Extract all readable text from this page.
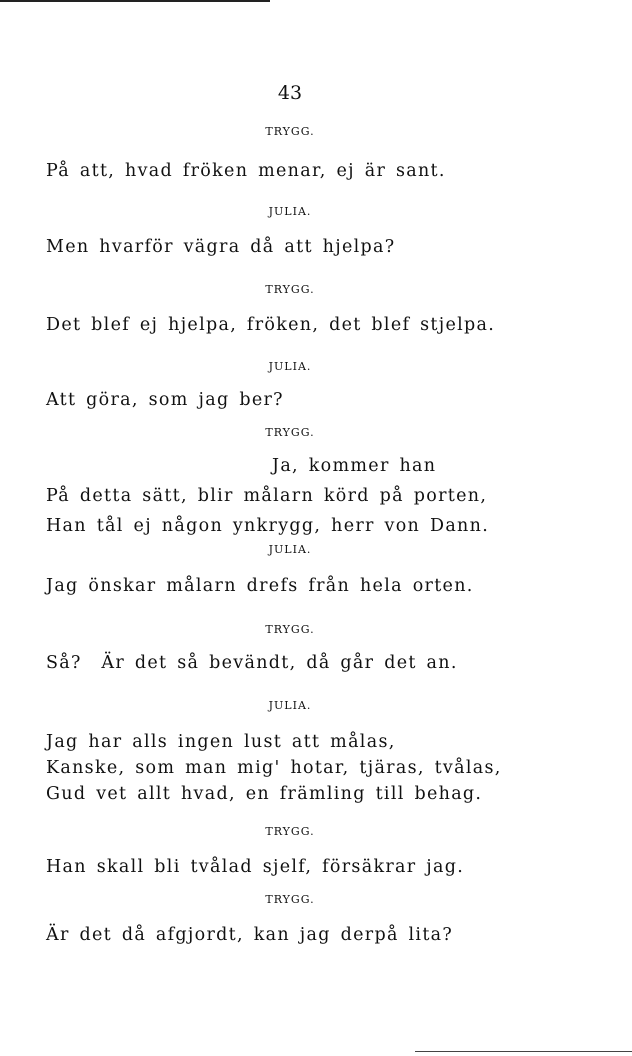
43
TRYGG.
På att, hvad fröken menar, ej är sant.
JULIA.
Men hvarför vägra då att hjelpa?
TRYGG.
Det blef ej hjelpa, fröken, det blef stjelpa.
JULIA.
Att göra, som jag ber?
TRYGG.
Ja, kommer han
På detta sätt, blir målarn körd på porten,
Han tål ej någon ynkrygg, herr von Dann.
JULIA.
Jag önskar målarn drefs från hela orten.
TRYGG.
Så?  Är det så bevändt, då går det an.
JULIA.
Jag har alls ingen lust att målas,
Kanske, som man mig' hotar, tjäras, tvålas,
Gud vet allt hvad, en främling till behag.
TRYGG.
Han skall bli tvålad sjelf, försäkrar jag.
TRYGG.
Är det då afgjordt, kan jag derpå lita?
